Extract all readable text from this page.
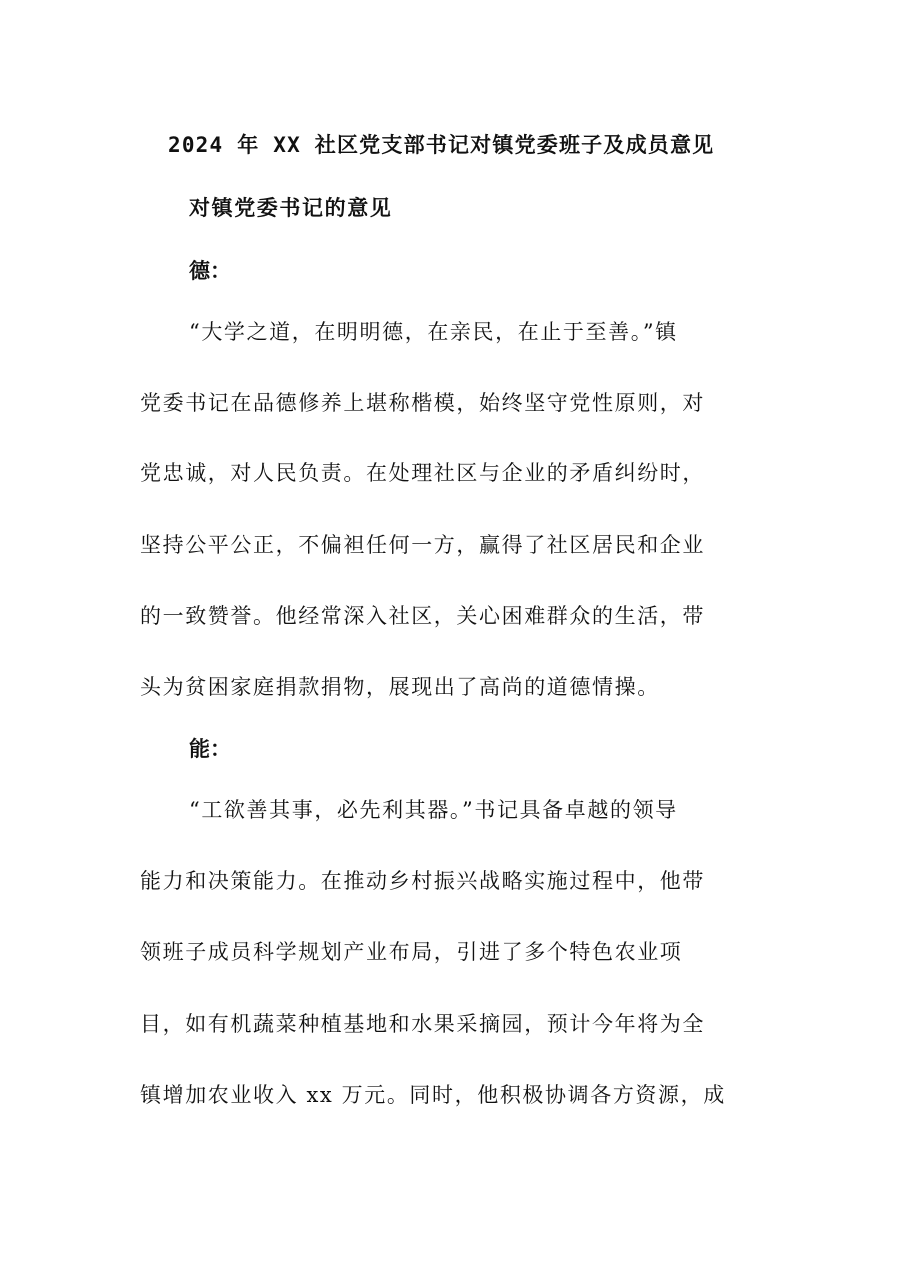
2024 年 XX 社区党支部书记对镇党委班子及成员意见
对镇党委书记的意见
德：
“大学之道，在明明德，在亲民，在止于至善。”镇
党委书记在品德修养上堪称楷模，始终坚守党性原则，对
党忠诚，对人民负责。在处理社区与企业的矛盾纠纷时，
坚持公平公正，不偏袒任何一方，赢得了社区居民和企业
的一致赞誉。他经常深入社区，关心困难群众的生活，带
头为贫困家庭捐款捐物，展现出了高尚的道德情操。
能：
“工欲善其事，必先利其器。”书记具备卓越的领导
能力和决策能力。在推动乡村振兴战略实施过程中，他带
领班子成员科学规划产业布局，引进了多个特色农业项
目，如有机蔬菜种植基地和水果采摘园，预计今年将为全
镇增加农业收入 xx 万元。同时，他积极协调各方资源，成
